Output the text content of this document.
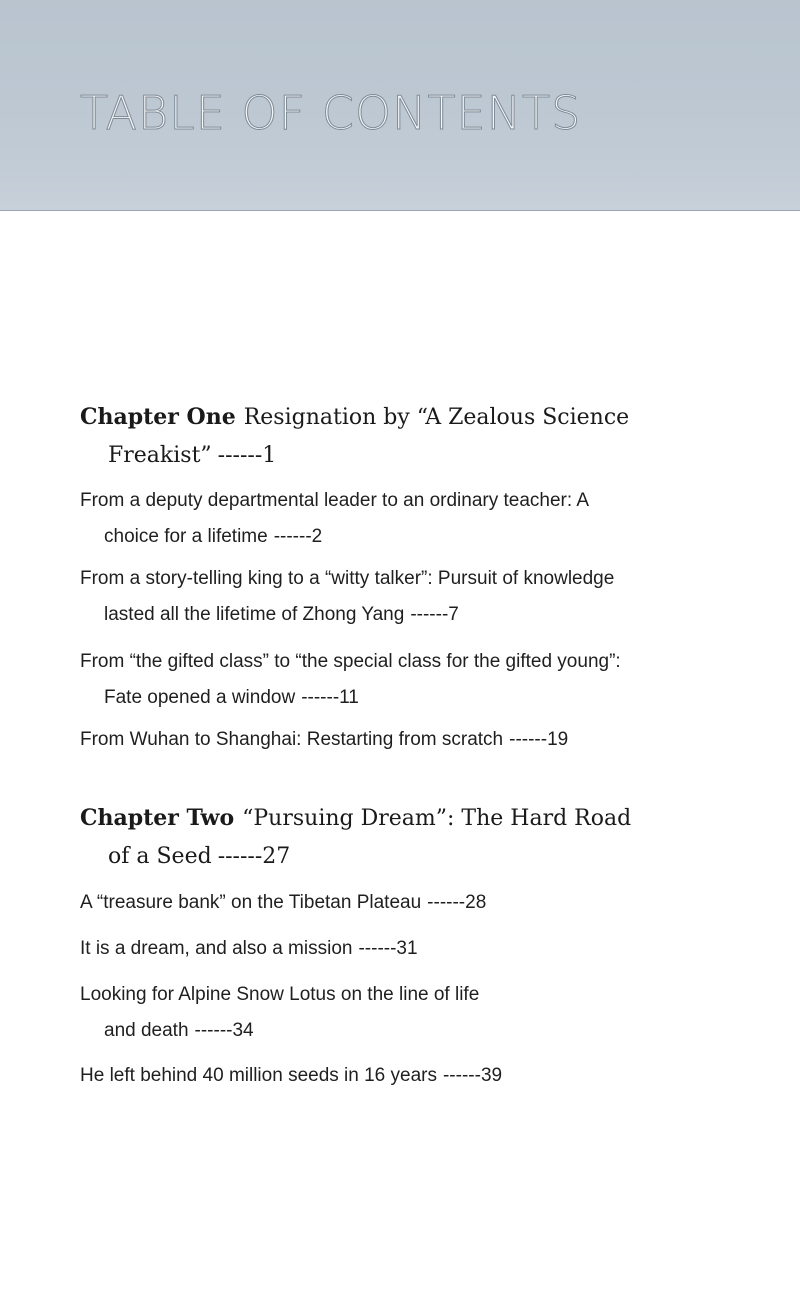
TABLE OF CONTENTS
Chapter One Resignation by “A Zealous Science
Freakist” ------1
From a deputy departmental leader to an ordinary teacher: A
choice for a lifetime ------2
From a story-telling king to a “witty talker”: Pursuit of knowledge
lasted all the lifetime of Zhong Yang ------7
From “the gifted class” to “the special class for the gifted young”:
Fate opened a window ------11
From Wuhan to Shanghai: Restarting from scratch ------19
Chapter Two “Pursuing Dream”: The Hard Road
of a Seed ------27
A “treasure bank” on the Tibetan Plateau ------28
It is a dream, and also a mission ------31
Looking for Alpine Snow Lotus on the line of life
and death ------34
He left behind 40 million seeds in 16 years ------39
